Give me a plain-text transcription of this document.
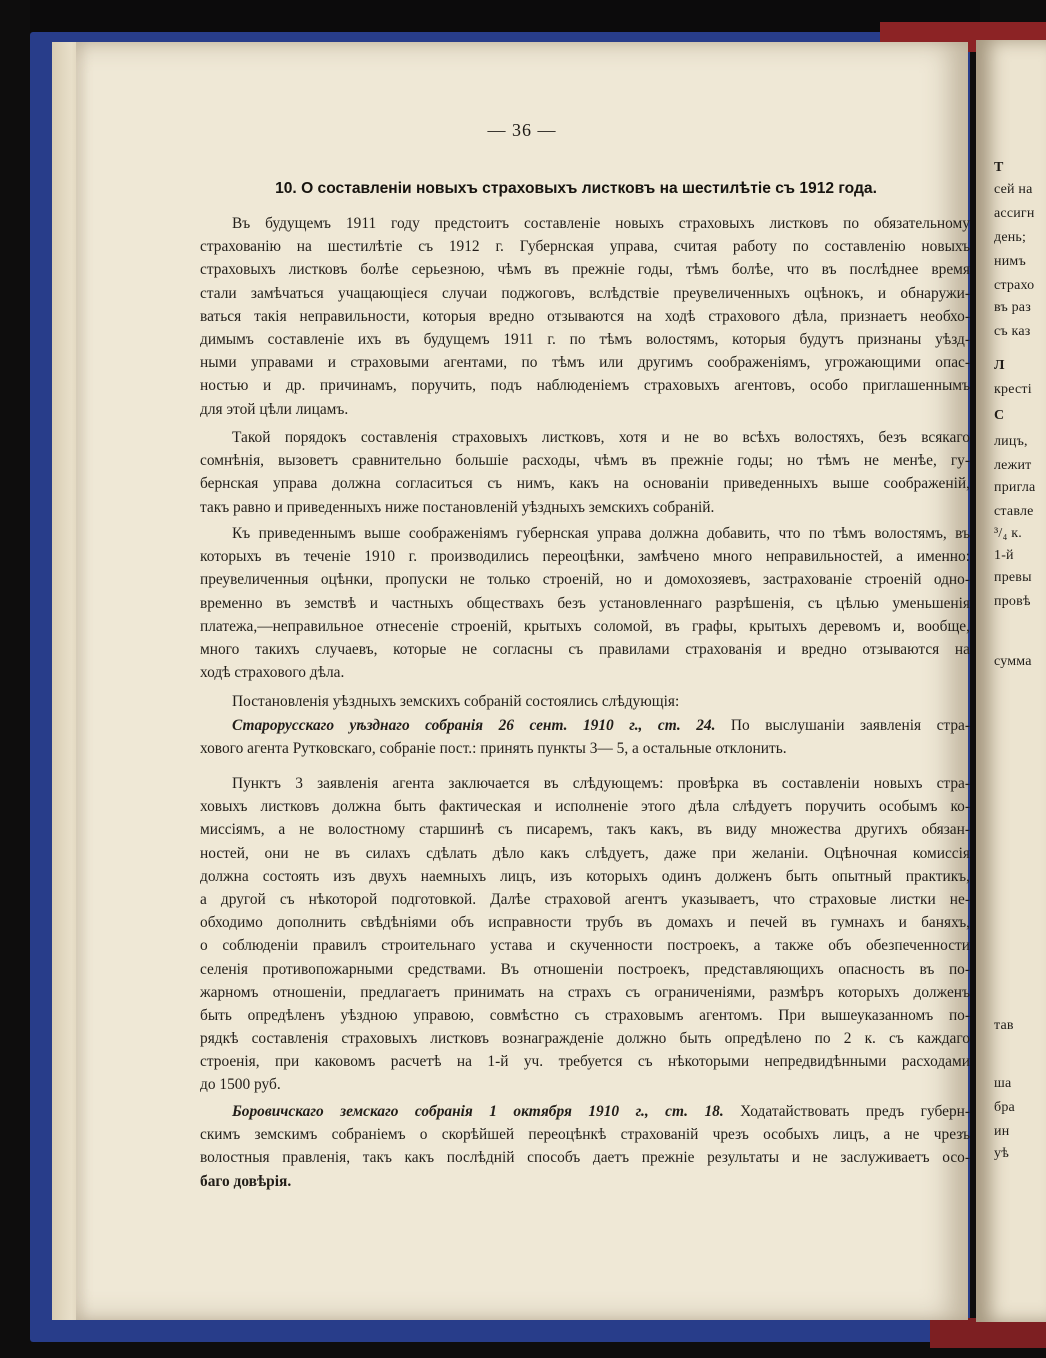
— 36 —
10. О составленіи новыхъ страховыхъ листковъ на шестилѣтіе съ 1912 года.
Въ будущемъ 1911 году предстоитъ составленіе новыхъ страховыхъ листковъ по обязательному
страхованію на шестилѣтіе съ 1912 г. Губернская управа, считая работу по составленію новыхъ
страховыхъ листковъ болѣе серьезною, чѣмъ въ прежніе годы, тѣмъ болѣе, что въ послѣднее время
стали замѣчаться учащающіеся случаи поджоговъ, вслѣдствіе преувеличенныхъ оцѣнокъ, и обнаружи-
ваться такія неправильности, которыя вредно отзываются на ходѣ страхового дѣла, признаетъ необхо-
димымъ составленіе ихъ въ будущемъ 1911 г. по тѣмъ волостямъ, которыя будутъ признаны уѣзд-
ными управами и страховыми агентами, по тѣмъ или другимъ соображеніямъ, угрожающими опас-
ностью и др. причинамъ, поручить, подъ наблюденіемъ страховыхъ агентовъ, особо приглашеннымъ
для этой цѣли лицамъ.
Такой порядокъ составленія страховыхъ листковъ, хотя и не во всѣхъ волостяхъ, безъ всякаго
сомнѣнія, вызоветъ сравнительно большіе расходы, чѣмъ въ прежніе годы; но тѣмъ не менѣе, гу-
бернская управа должна согласиться съ нимъ, какъ на основаніи приведенныхъ выше соображеній,
такъ равно и приведенныхъ ниже постановленій уѣздныхъ земскихъ собраній.
Къ приведеннымъ выше соображеніямъ губернская управа должна добавить, что по тѣмъ волостямъ, въ
которыхъ въ теченіе 1910 г. производились переоцѣнки, замѣчено много неправильностей, а именно:
преувеличенныя оцѣнки, пропуски не только строеній, но и домохозяевъ, застрахованіе строеній одно-
временно въ земствѣ и частныхъ обществахъ безъ установленнаго разрѣшенія, съ цѣлью уменьшенія
платежа,—неправильное отнесеніе строеній, крытыхъ соломой, въ графы, крытыхъ деревомъ и, вообще,
много такихъ случаевъ, которые не согласны съ правилами страхованія и вредно отзываются на
ходѣ страхового дѣла.
Постановленія уѣздныхъ земскихъ собраній состоялись слѣдующія:
Старорусскаго уѣзднаго собранія 26 сент. 1910 г., ст. 24. По выслушаніи заявленія стра-
хового агента Рутковскаго, собраніе пост.: принять пункты 3— 5, а остальные отклонить.
Пунктъ 3 заявленія агента заключается въ слѣдующемъ: провѣрка въ составленіи новыхъ стра-
ховыхъ листковъ должна быть фактическая и исполненіе этого дѣла слѣдуетъ поручить особымъ ко-
миссіямъ, а не волостному старшинѣ съ писаремъ, такъ какъ, въ виду множества другихъ обязан-
ностей, они не въ силахъ сдѣлать дѣло какъ слѣдуетъ, даже при желаніи. Оцѣночная комиссія
должна состоять изъ двухъ наемныхъ лицъ, изъ которыхъ одинъ долженъ быть опытный практикъ,
а другой съ нѣкоторой подготовкой. Далѣе страховой агентъ указываетъ, что страховые листки не-
обходимо дополнить свѣдѣніями объ исправности трубъ въ домахъ и печей въ гумнахъ и баняхъ,
о соблюденіи правилъ строительнаго устава и скученности построекъ, а также объ обезпеченности
селенія противопожарными средствами. Въ отношеніи построекъ, представляющихъ опасность въ по-
жарномъ отношеніи, предлагаетъ принимать на страхъ съ ограниченіями, размѣръ которыхъ долженъ
быть опредѣленъ уѣздною управою, совмѣстно съ страховымъ агентомъ. При вышеуказанномъ по-
рядкѣ составленія страховыхъ листковъ вознагражденіе должно быть опредѣлено по 2 к. съ каждаго
строенія, при каковомъ расчетѣ на 1-й уч. требуется съ нѣкоторыми непредвидѣнными расходами
до 1500 руб.
Боровичскаго земскаго собранія 1 октября 1910 г., ст. 18. Ходатайствовать предъ губерн-
скимъ земскимъ собраніемъ о скорѣйшей переоцѣнкѣ страхованій чрезъ особыхъ лицъ, а не чрезъ
волостныя правленія, такъ какъ послѣдній способъ даетъ прежніе результаты и не заслуживаетъ осо-
баго довѣрія.
Т
сей на
ассигн
день;
нимъ
страхо
въ раз
съ каз
Л
кресті
С
лицъ,
лежит
пригла
ставле
³/₄ к.
1-й
превы
провѣ
сумма
тав
ша
бра
ин
уѣ
